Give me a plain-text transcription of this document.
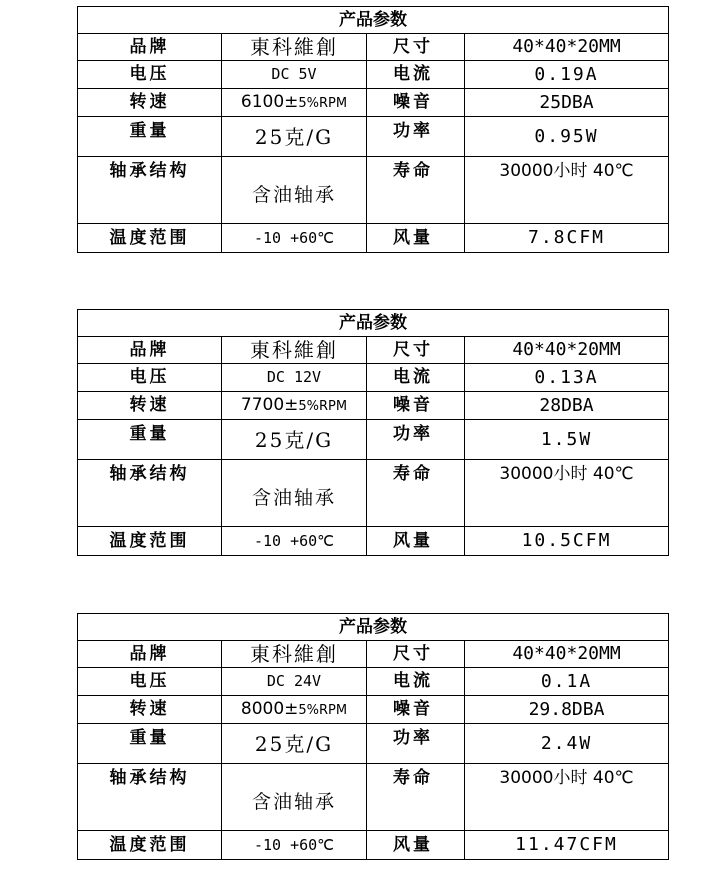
产品参数			
品牌	東科維創	尺寸	40*40*20MM
电压	DC 5V	电流	0.19A
转速	6100±5%RPM	噪音	25DBA
重量	25克/G	功率	0.95W
轴承结构	含油轴承	寿命	30000小时 40℃
温度范围	-10 +60℃	风量	7.8CFM
产品参数			
品牌	東科維創	尺寸	40*40*20MM
电压	DC 12V	电流	0.13A
转速	7700±5%RPM	噪音	28DBA
重量	25克/G	功率	1.5W
轴承结构	含油轴承	寿命	30000小时 40℃
温度范围	-10 +60℃	风量	10.5CFM
产品参数			
品牌	東科維創	尺寸	40*40*20MM
电压	DC 24V	电流	0.1A
转速	8000±5%RPM	噪音	29.8DBA
重量	25克/G	功率	2.4W
轴承结构	含油轴承	寿命	30000小时 40℃
温度范围	-10 +60℃	风量	11.47CFM
